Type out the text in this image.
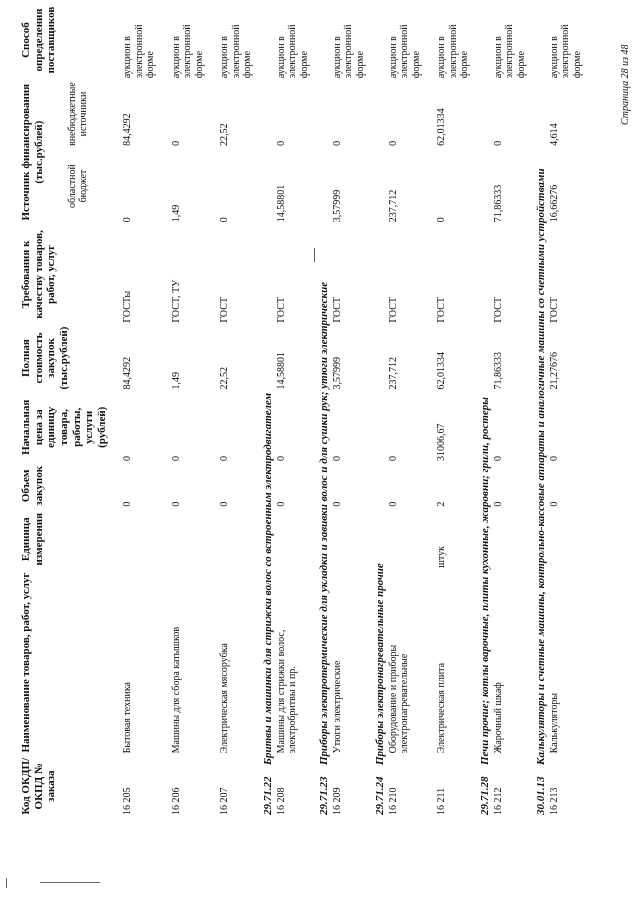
Код ОКДП/ ОКПД № заказа	Наименование товаров, работ, услуг	Единица измерения	Объем закупок	Начальная цена за единицу товара, работы, услуги (рублей)	Полная стоимость закупок (тыс.рублей)	Требования к качеству товаров, работ, услуг	Источник финансирования (тыс.рублей)		Способ определения поставщиков
							областной бюджет	внебюджетные источники	
16 205	Бытовая техника		0	0	84,4292	ГОСТы	0	84,4292	аукцион в электронной форме
16 206	Машины для сбора катышков		0	0	1,49	ГОСТ, ТУ	1,49	0	аукцион в электронной форме
16 207	Электрическая мясорубка		0	0	22,52	ГОСТ	0	22,52	аукцион в электронной форме
29.71.22Бритвы и машинки для стрижки волос со встроенным электродвигателем									
16 208	Машины для стрижки волос, электробритвы и пр.		0	0	14,58801	ГОСТ	14,58801	0	аукцион в электронной форме
29.71.23Приборы электротермические для укладки и завивки волос и для сушки рук; утюги электрические									
16 209	Утюги электрические		0	0	3,57999	ГОСТ	3,57999	0	аукцион в электронной форме
29.71.24Приборы электронагревательные прочие									
16 210	Оборудование и приборы электронагревательные		0	0	237,712	ГОСТ	237,712	0	аукцион в электронной форме
16 211	Электрическая плита	штук	2	31006,67	62,01334	ГОСТ	0	62,01334	аукцион в электронной форме
29.71.28Печи прочие; котлы варочные, плиты кухонные, жаровни; грили, ростеры									
16 212	Жарочный шкаф		0	0	71,86333	ГОСТ	71,86333	0	аукцион в электронной форме
30.01.13Калькуляторы и счетные машины, контрольно-кассовые аппараты и аналогичные машины со счетными устройствами									
16 213	Калькуляторы		0	0	21,27676	ГОСТ	16,66276	4,614	аукцион в электронной форме	Страница 28 из 48
